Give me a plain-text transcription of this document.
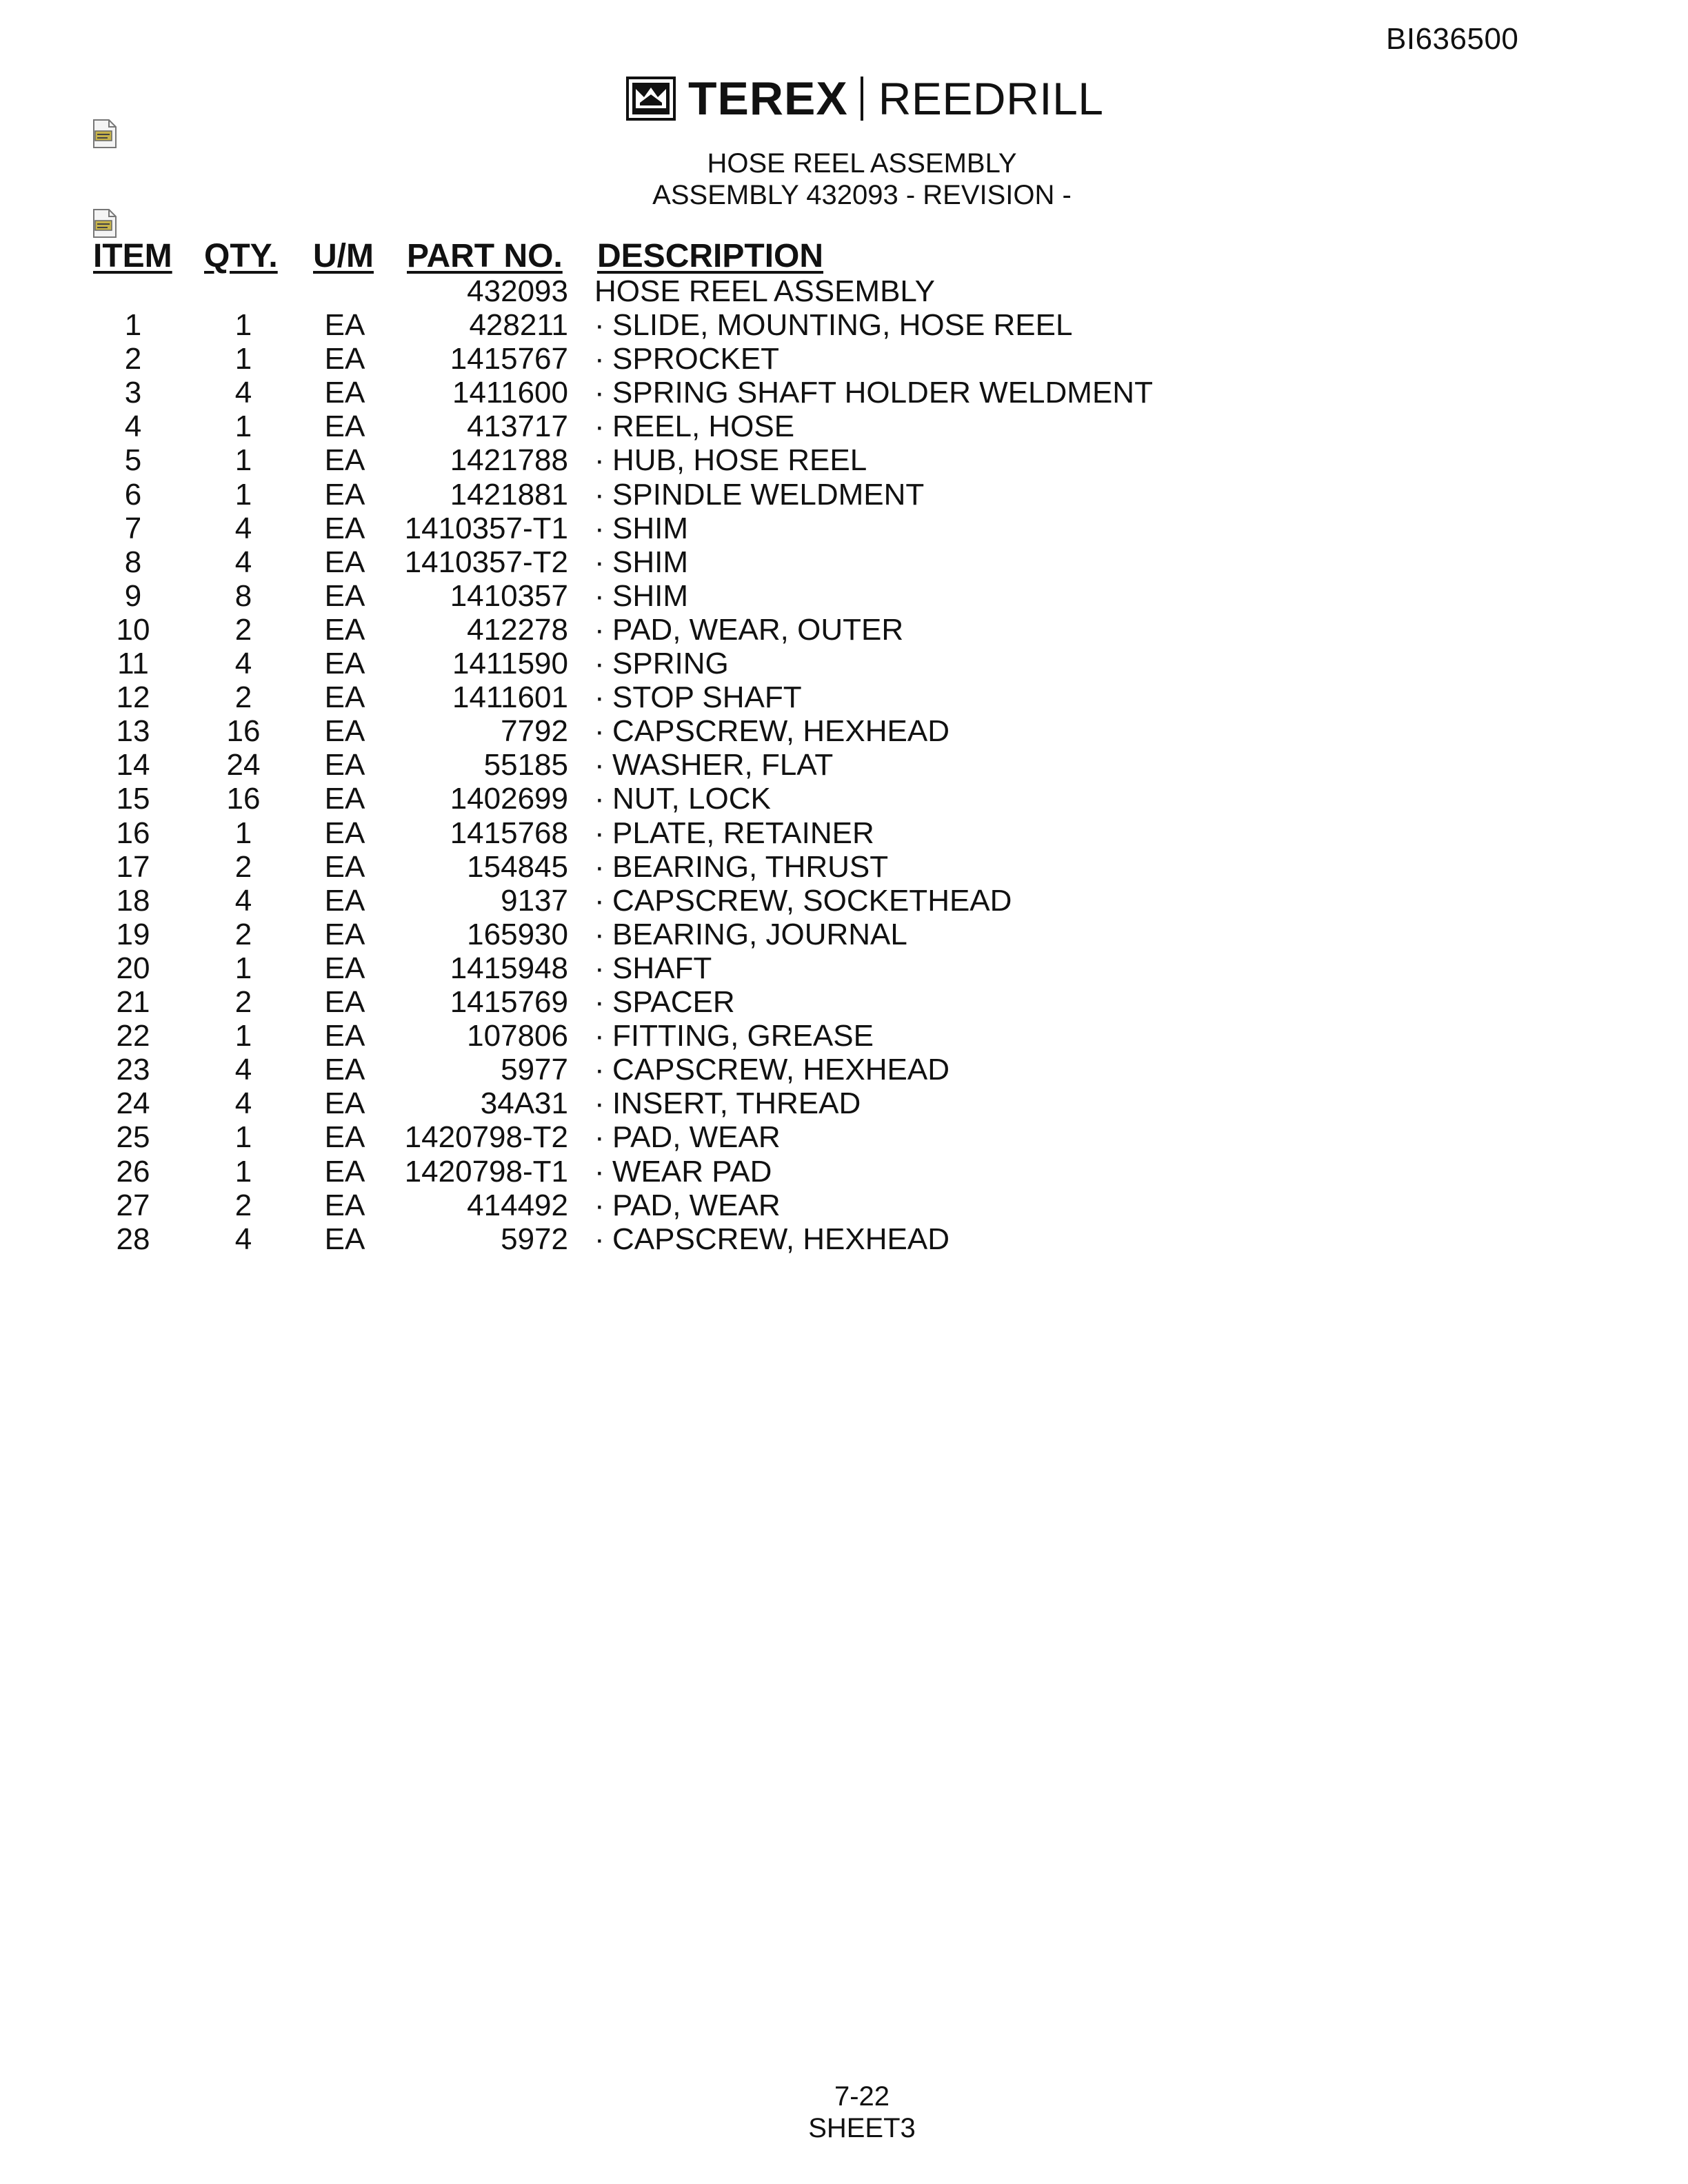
BI636500
TEREX REEDRILL
HOSE REEL ASSEMBLY
ASSEMBLY 432093 - REVISION -
ITEM QTY. U/M PART NO. DESCRIPTION
432093 HOSE REEL ASSEMBLY
1	1	EA	428211 · SLIDE, MOUNTING, HOSE REEL
2	1	EA	1415767 · SPROCKET
3	4	EA	1411600 · SPRING SHAFT HOLDER WELDMENT
4	1	EA	413717 · REEL, HOSE
5	1	EA	1421788 · HUB, HOSE REEL
6	1	EA	1421881 · SPINDLE WELDMENT
7	4	EA 1410357-T1 · SHIM
8	4	EA 1410357-T2 · SHIM
9	8	EA	1410357 · SHIM
10	2	EA	412278 · PAD, WEAR, OUTER
11	4	EA	1411590 · SPRING
12	2	EA	1411601 · STOP SHAFT
13	16	EA	7792 · CAPSCREW, HEXHEAD
14	24	EA	55185 · WASHER, FLAT
15	16	EA	1402699 · NUT, LOCK
16	1	EA	1415768 · PLATE, RETAINER
17	2	EA	154845 · BEARING, THRUST
18	4	EA	9137 · CAPSCREW, SOCKETHEAD
19	2	EA	165930 · BEARING, JOURNAL
20	1	EA	1415948 · SHAFT
21	2	EA	1415769 · SPACER
22	1	EA	107806 · FITTING, GREASE
23	4	EA	5977 · CAPSCREW, HEXHEAD
24	4	EA	34A31 · INSERT, THREAD
25	1	EA 1420798-T2 · PAD, WEAR
26	1	EA 1420798-T1 · WEAR PAD
27	2	EA	414492 · PAD, WEAR
28	4	EA	5972 · CAPSCREW, HEXHEAD
7-22
SHEET3
